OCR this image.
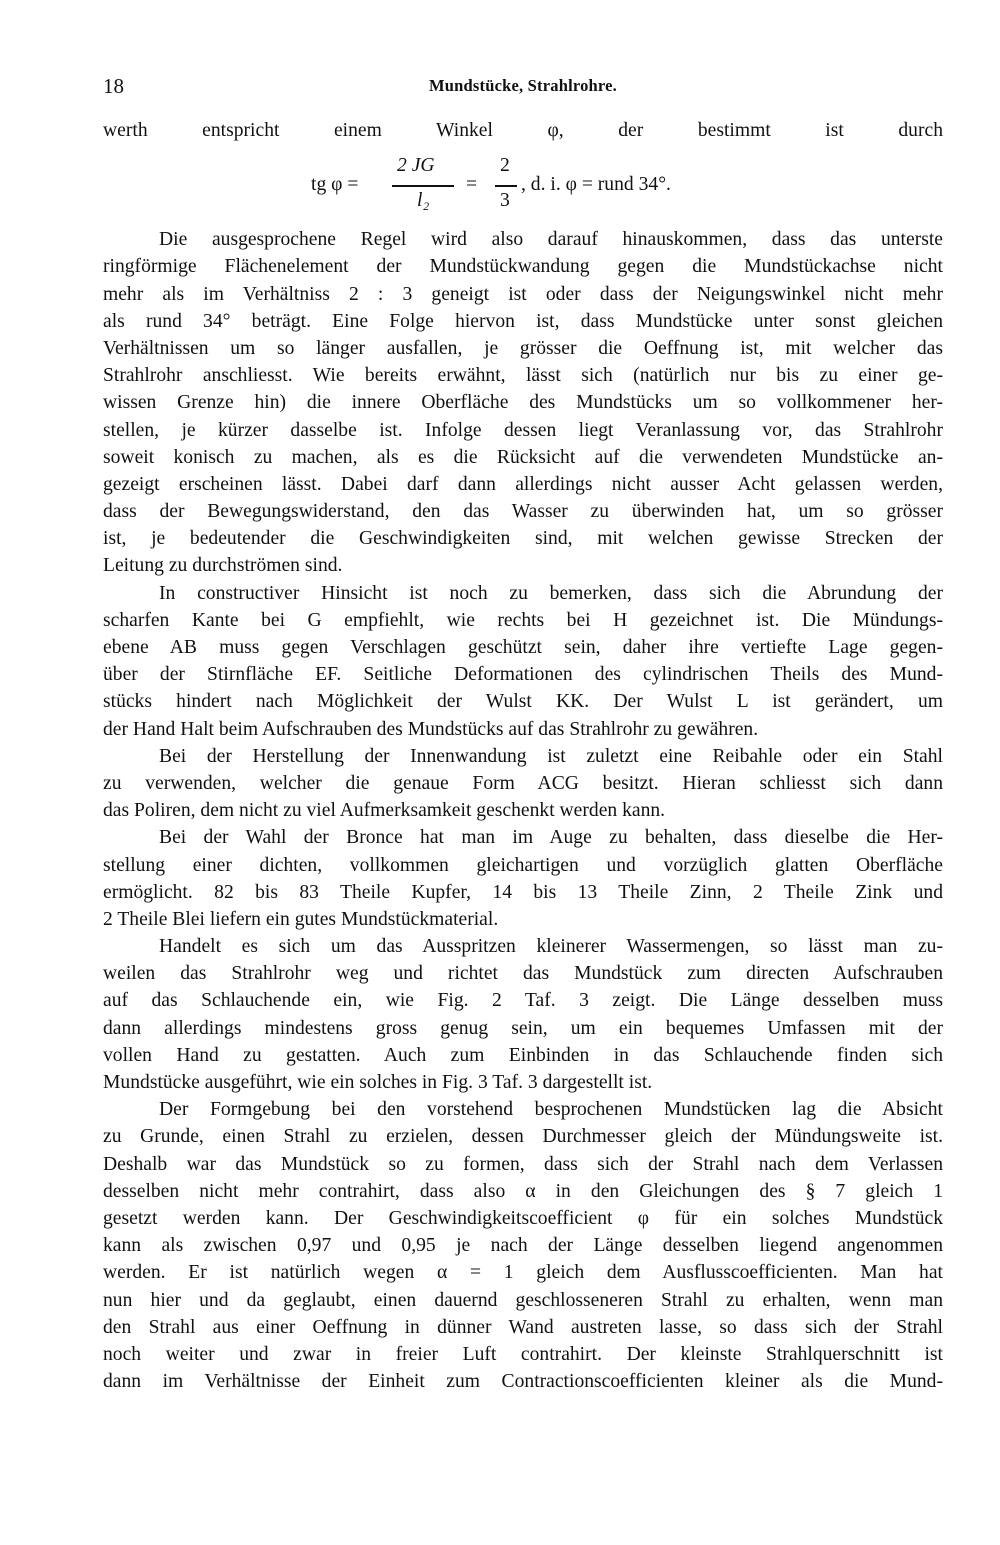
18	Mundstücke, Strahlrohre.
werth entspricht einem Winkel φ, der bestimmt ist durch
tg φ =
2 JG
l₂
=
2
3
, d. i. φ = rund 34°.
Die ausgesprochene Regel wird also darauf hinauskommen, dass das unterste
ringförmige Flächenelement der Mundstückwandung gegen die Mundstückachse nicht
mehr als im Verhältniss 2 : 3 geneigt ist oder dass der Neigungswinkel nicht mehr
als rund 34° beträgt. Eine Folge hiervon ist, dass Mundstücke unter sonst gleichen
Verhältnissen um so länger ausfallen, je grösser die Oeffnung ist, mit welcher das
Strahlrohr anschliesst. Wie bereits erwähnt, lässt sich (natürlich nur bis zu einer ge-
wissen Grenze hin) die innere Oberfläche des Mundstücks um so vollkommener her-
stellen, je kürzer dasselbe ist. Infolge dessen liegt Veranlassung vor, das Strahlrohr
soweit konisch zu machen, als es die Rücksicht auf die verwendeten Mundstücke an-
gezeigt erscheinen lässt. Dabei darf dann allerdings nicht ausser Acht gelassen werden,
dass der Bewegungswiderstand, den das Wasser zu überwinden hat, um so grösser
ist, je bedeutender die Geschwindigkeiten sind, mit welchen gewisse Strecken der
Leitung zu durchströmen sind.
In constructiver Hinsicht ist noch zu bemerken, dass sich die Abrundung der
scharfen Kante bei G empfiehlt, wie rechts bei H gezeichnet ist. Die Mündungs-
ebene AB muss gegen Verschlagen geschützt sein, daher ihre vertiefte Lage gegen-
über der Stirnfläche EF. Seitliche Deformationen des cylindrischen Theils des Mund-
stücks hindert nach Möglichkeit der Wulst KK. Der Wulst L ist gerändert, um
der Hand Halt beim Aufschrauben des Mundstücks auf das Strahlrohr zu gewähren.
Bei der Herstellung der Innenwandung ist zuletzt eine Reibahle oder ein Stahl
zu verwenden, welcher die genaue Form ACG besitzt. Hieran schliesst sich dann
das Poliren, dem nicht zu viel Aufmerksamkeit geschenkt werden kann.
Bei der Wahl der Bronce hat man im Auge zu behalten, dass dieselbe die Her-
stellung einer dichten, vollkommen gleichartigen und vorzüglich glatten Oberfläche
ermöglicht. 82 bis 83 Theile Kupfer, 14 bis 13 Theile Zinn, 2 Theile Zink und
2 Theile Blei liefern ein gutes Mundstückmaterial.
Handelt es sich um das Ausspritzen kleinerer Wassermengen, so lässt man zu-
weilen das Strahlrohr weg und richtet das Mundstück zum directen Aufschrauben
auf das Schlauchende ein, wie Fig. 2 Taf. 3 zeigt. Die Länge desselben muss
dann allerdings mindestens gross genug sein, um ein bequemes Umfassen mit der
vollen Hand zu gestatten. Auch zum Einbinden in das Schlauchende finden sich
Mundstücke ausgeführt, wie ein solches in Fig. 3 Taf. 3 dargestellt ist.
Der Formgebung bei den vorstehend besprochenen Mundstücken lag die Absicht
zu Grunde, einen Strahl zu erzielen, dessen Durchmesser gleich der Mündungsweite ist.
Deshalb war das Mundstück so zu formen, dass sich der Strahl nach dem Verlassen
desselben nicht mehr contrahirt, dass also α in den Gleichungen des § 7 gleich 1
gesetzt werden kann. Der Geschwindigkeitscoefficient φ für ein solches Mundstück
kann als zwischen 0,97 und 0,95 je nach der Länge desselben liegend angenommen
werden. Er ist natürlich wegen α = 1 gleich dem Ausflusscoefficienten. Man hat
nun hier und da geglaubt, einen dauernd geschlosseneren Strahl zu erhalten, wenn man
den Strahl aus einer Oeffnung in dünner Wand austreten lasse, so dass sich der Strahl
noch weiter und zwar in freier Luft contrahirt. Der kleinste Strahlquerschnitt ist
dann im Verhältnisse der Einheit zum Contractionscoefficienten kleiner als die Mund-
